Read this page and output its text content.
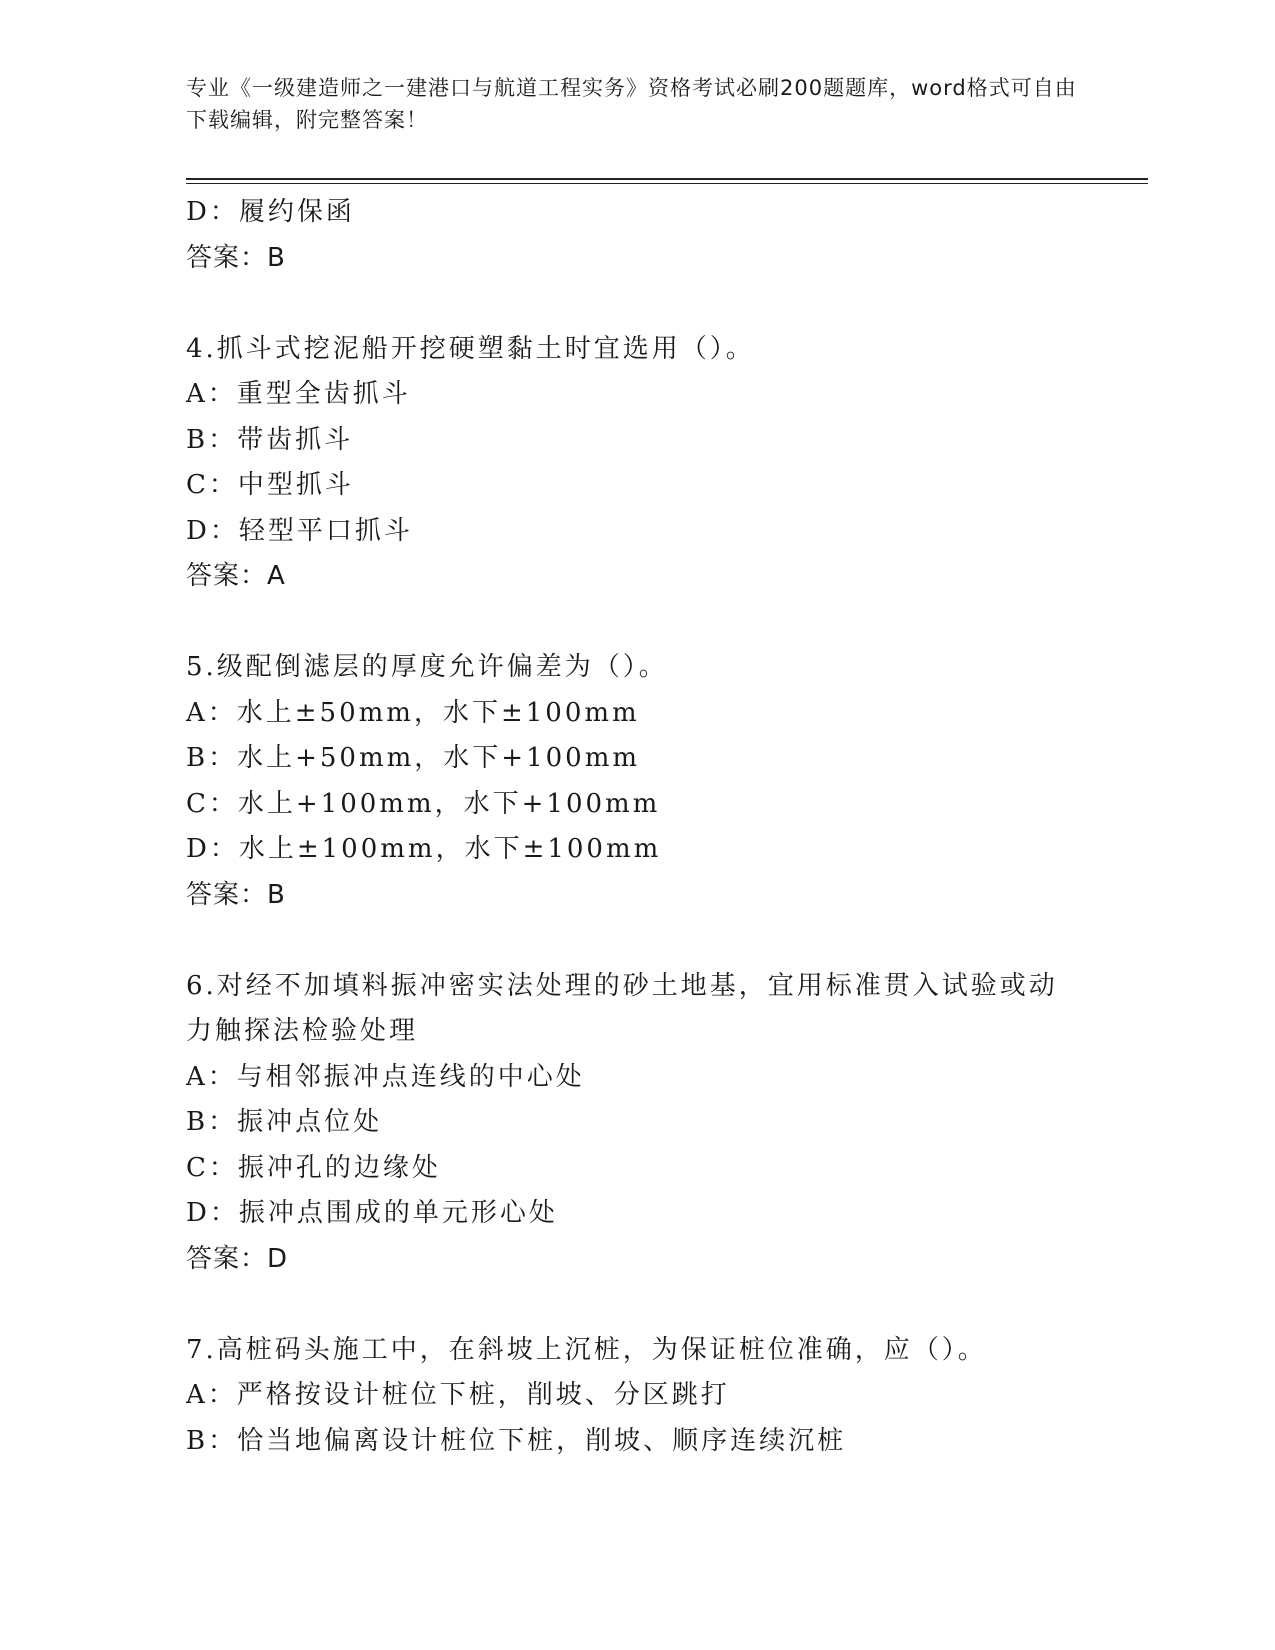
专业《一级建造师之一建港口与航道工程实务》资格考试必刷200题题库，word格式可自由下载编辑，附完整答案！
D：履约保函
答案：B
4.抓斗式挖泥船开挖硬塑黏土时宜选用（）。
A：重型全齿抓斗
B：带齿抓斗
C：中型抓斗
D：轻型平口抓斗
答案：A
5.级配倒滤层的厚度允许偏差为（）。
A：水上±50mm，水下±100mm
B：水上+50mm，水下+100mm
C：水上+100mm，水下+100mm
D：水上±100mm，水下±100mm
答案：B
6.对经不加填料振冲密实法处理的砂土地基，宜用标准贯入试验或动力触探法检验处理
A：与相邻振冲点连线的中心处
B：振冲点位处
C：振冲孔的边缘处
D：振冲点围成的单元形心处
答案：D
7.高桩码头施工中，在斜坡上沉桩，为保证桩位准确，应（）。
A：严格按设计桩位下桩，削坡、分区跳打
B：恰当地偏离设计桩位下桩，削坡、顺序连续沉桩
